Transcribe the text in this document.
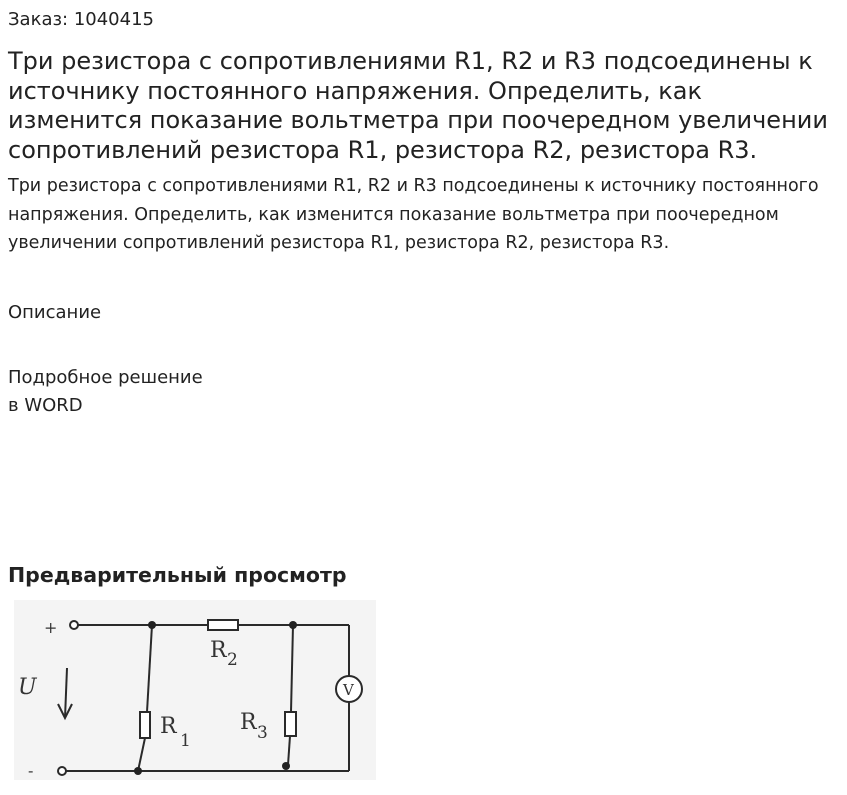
Заказ: 1040415
Три резистора с сопротивлениями R1, R2 и R3 подсоединены к источнику постоянного напряжения. Определить, как изменится показание вольтметра при поочередном увеличении сопротивлений резистора R1, резистора R2, резистора R3.

Три резистора с сопротивлениями R1, R2 и R3 подсоединены к источнику постоянного напряжения. Определить, как изменится показание вольтметра при поочередном увеличении сопротивлений резистора R1, резистора R2, резистора R3.

Описание
Подробное решение
в WORD
Предварительный просмотр
+
-
U
R 2
R
1
R 3
V
